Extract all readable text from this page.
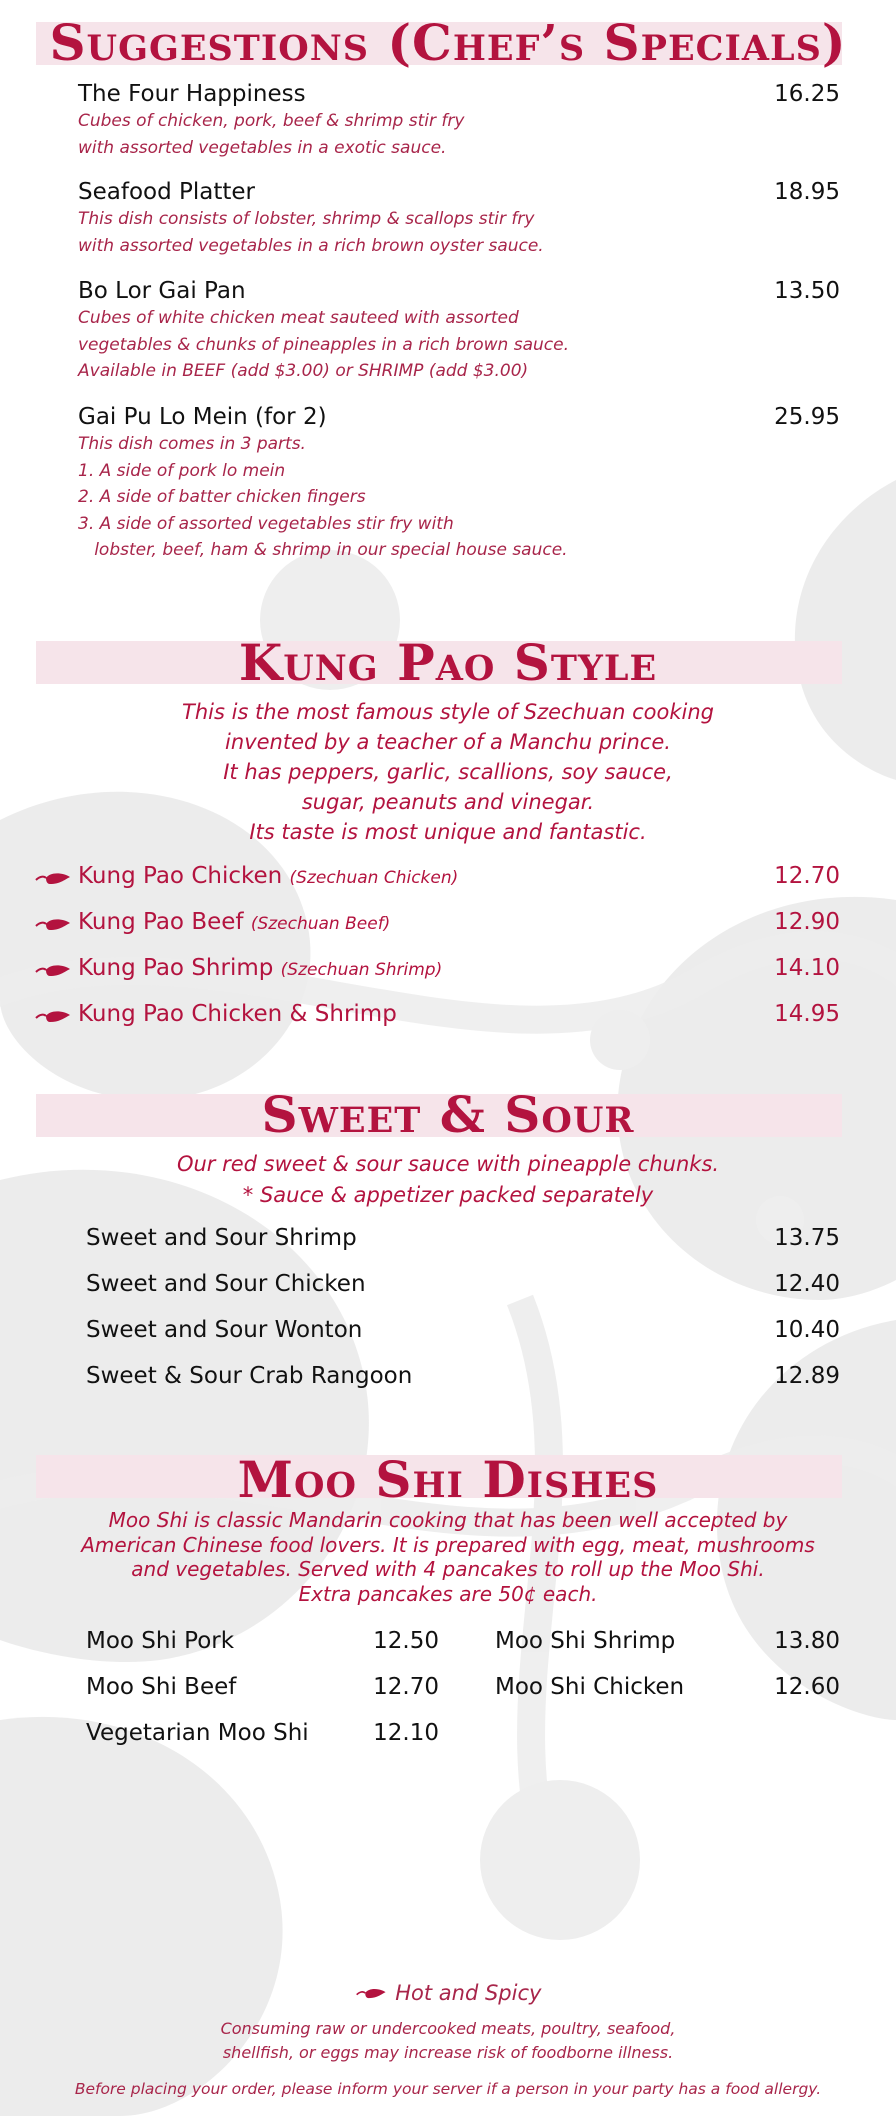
Suggestions (Chef’s Specials)
The Four Happiness	16.25
Cubes of chicken, pork, beef & shrimp stir fry
with assorted vegetables in a exotic sauce.
Seafood Platter	18.95
This dish consists of lobster, shrimp & scallops stir fry
with assorted vegetables in a rich brown oyster sauce.
Bo Lor Gai Pan	13.50
Cubes of white chicken meat sauteed with assorted
vegetables & chunks of pineapples in a rich brown sauce.
Available in BEEF (add $3.00) or SHRIMP (add $3.00)
Gai Pu Lo Mein (for 2)	25.95
This dish comes in 3 parts.
1. A side of pork lo mein
2. A side of batter chicken fingers
3. A side of assorted vegetables stir fry with
lobster, beef, ham & shrimp in our special house sauce.
Kung Pao Style
This is the most famous style of Szechuan cooking
invented by a teacher of a Manchu prince.
It has peppers, garlic, scallions, soy sauce,
sugar, peanuts and vinegar.
Its taste is most unique and fantastic.
Kung Pao Chicken (Szechuan Chicken)	12.70
Kung Pao Beef (Szechuan Beef)	12.90
Kung Pao Shrimp (Szechuan Shrimp)	14.10
Kung Pao Chicken & Shrimp	14.95
Sweet & Sour
Our red sweet & sour sauce with pineapple chunks.
* Sauce & appetizer packed separately
Sweet and Sour Shrimp	13.75
Sweet and Sour Chicken	12.40
Sweet and Sour Wonton	10.40
Sweet & Sour Crab Rangoon	12.89
Moo Shi Dishes
Moo Shi is classic Mandarin cooking that has been well accepted by
American Chinese food lovers. It is prepared with egg, meat, mushrooms
and vegetables. Served with 4 pancakes to roll up the Moo Shi.
Extra pancakes are 50¢ each.
Moo Shi Pork	12.50
Moo Shi Beef	12.70
Vegetarian Moo Shi	12.10
Moo Shi Shrimp	13.80
Moo Shi Chicken	12.60
Hot and Spicy
Consuming raw or undercooked meats, poultry, seafood,
shellfish, or eggs may increase risk of foodborne illness.
Before placing your order, please inform your server if a person in your party has a food allergy.
